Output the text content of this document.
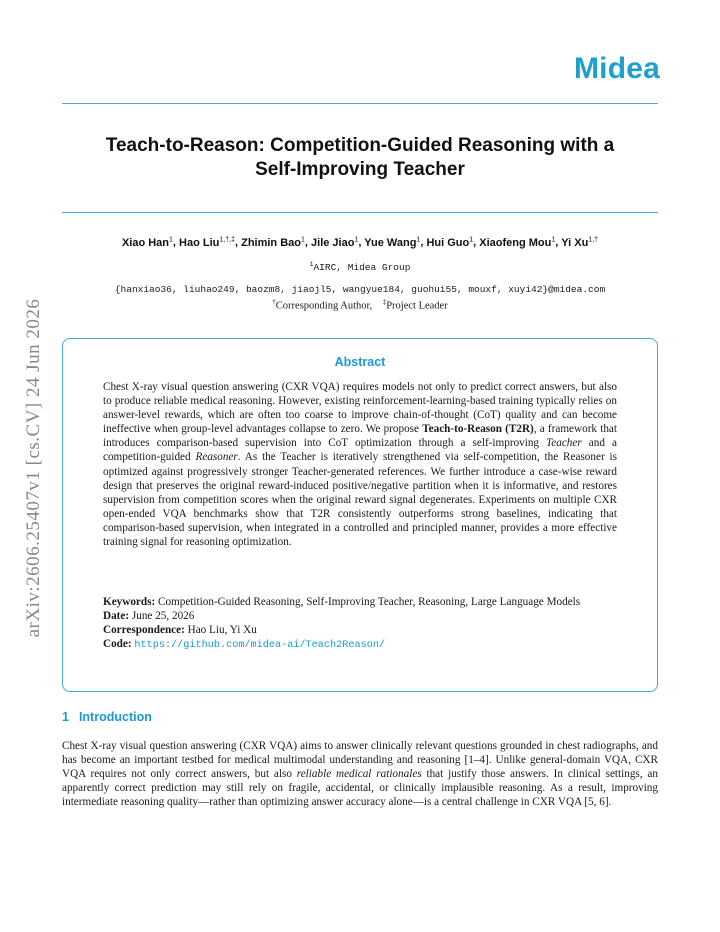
Midea
arXiv:2606.25407v1 [cs.CV] 24 Jun 2026
Teach-to-Reason: Competition-Guided Reasoning with a
Self-Improving Teacher
Xiao Han$^1$, Hao Liu$^{1,\dagger,\ddagger}$, Zhimin Bao$^1$, Jile Jiao$^1$, Yue Wang$^1$, Hui Guo$^1$, Xiaofeng Mou$^1$, Yi $Xu^{1,\dagger}$
$^1$AIRC, Midea Group
{hanxiao36, liuhao249, baozm8, jiaojl5, wangyue184, guohui55, mouxf, xuyi42}@midea.com
†Corresponding Author, ‡Project Leader
Abstract
Chest X-ray visual question answering (CXR VQA) requires models not only to predict correct answers, but also to produce reliable medical reasoning. However, existing reinforcement-learning-based training typically relies on answer-level rewards, which are often too coarse to improve chain-of-thought (CoT) quality and can become ineffective when group-level advantages collapse to zero. We propose Teach-to-Reason (T2R), a framework that introduces comparison-based supervision into CoT optimization through a self-improving Teacher and a competition-guided Reasoner. As the Teacher is iteratively strengthened via self-competition, the Reasoner is optimized against progressively stronger Teacher-generated references. We further introduce a case-wise reward design that preserves the original reward-induced positive/negative partition when it is informative, and restores supervision from competition scores when the original reward signal degenerates. Experiments on multiple CXR open-ended VQA benchmarks show that T2R consistently outperforms strong baselines, indicating that comparison-based supervision, when integrated in a controlled and principled manner, provides a more effective training signal for reasoning optimization.
Keywords: Competition-Guided Reasoning, Self-Improving Teacher, Reasoning, Large Language Models
Date: June 25, 2026
Correspondence: Hao Liu, Yi Xu
Code: https://github.com/midea-ai/Teach2Reason/
1 Introduction
Chest X-ray visual question answering (CXR VQA) aims to answer clinically relevant questions grounded in chest radiographs, and has become an important testbed for medical multimodal understanding and reasoning [1–4]. Unlike general-domain VQA, CXR VQA requires not only correct answers, but also reliable medical rationales that justify those answers. In clinical settings, an apparently correct prediction may still rely on fragile, accidental, or clinically implausible reasoning. As a result, improving intermediate reasoning quality—rather than optimizing answer accuracy alone—is a central challenge in CXR VQA [5, 6].
